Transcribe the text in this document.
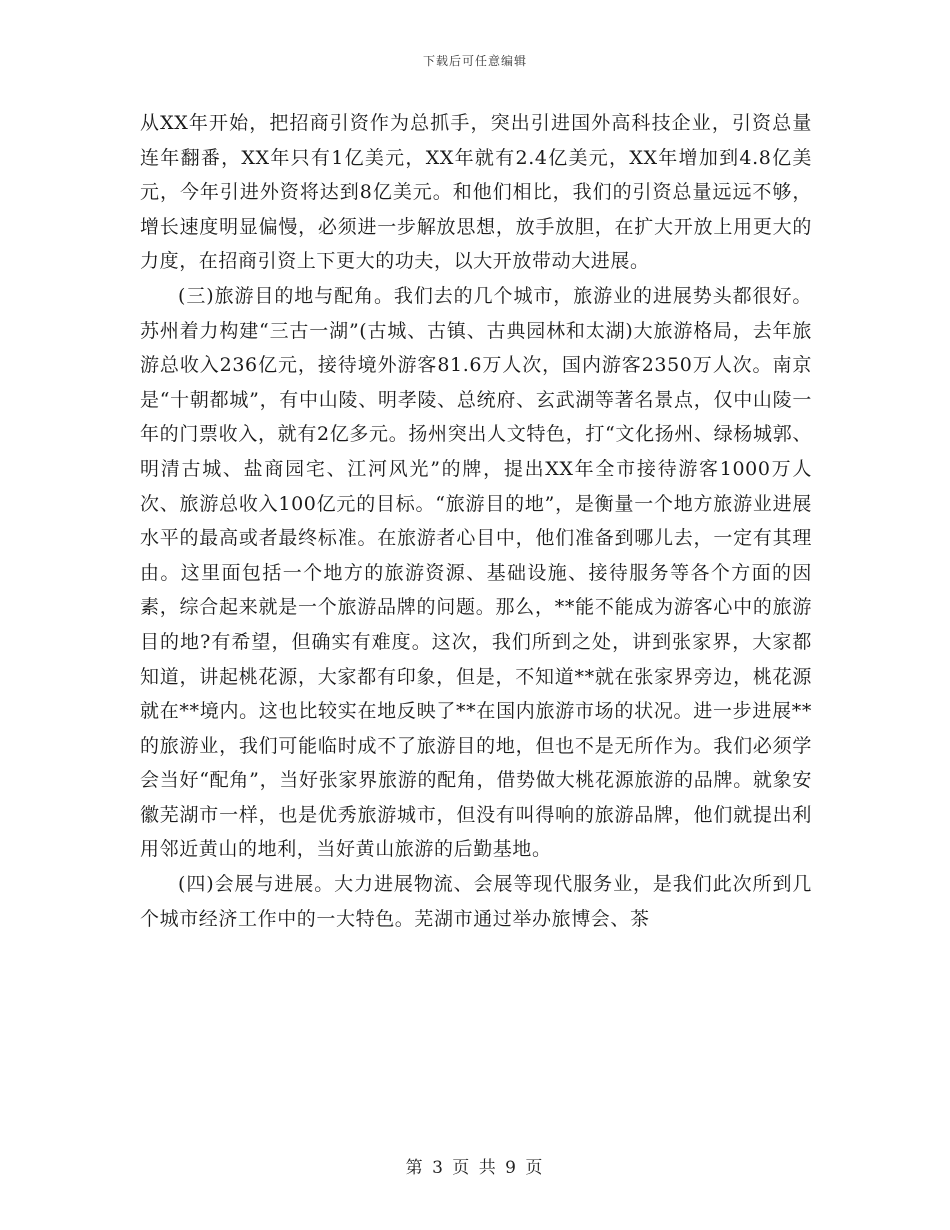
下载后可任意编辑

从XX年开始，把招商引资作为总抓手，突出引进国外高科技企业，引资总量连年翻番，XX年只有1亿美元，XX年就有2.4亿美元，XX年增加到4.8亿美元，今年引进外资将达到8亿美元。和他们相比，我们的引资总量远远不够，增长速度明显偏慢，必须进一步解放思想，放手放胆，在扩大开放上用更大的力度，在招商引资上下更大的功夫，以大开放带动大进展。

(三)旅游目的地与配角。我们去的几个城市，旅游业的进展势头都很好。苏州着力构建“三古一湖”(古城、古镇、古典园林和太湖)大旅游格局，去年旅游总收入236亿元，接待境外游客81.6万人次，国内游客2350万人次。南京是“十朝都城”，有中山陵、明孝陵、总统府、玄武湖等著名景点，仅中山陵一年的门票收入，就有2亿多元。扬州突出人文特色，打“文化扬州、绿杨城郭、明清古城、盐商园宅、江河风光”的牌，提出XX年全市接待游客1000万人次、旅游总收入100亿元的目标。“旅游目的地”，是衡量一个地方旅游业进展水平的最高或者最终标准。在旅游者心目中，他们准备到哪儿去，一定有其理由。这里面包括一个地方的旅游资源、基础设施、接待服务等各个方面的因素，综合起来就是一个旅游品牌的问题。那么，**能不能成为游客心中的旅游目的地?有希望，但确实有难度。这次，我们所到之处，讲到张家界，大家都知道，讲起桃花源，大家都有印象，但是，不知道**就在张家界旁边，桃花源就在**境内。这也比较实在地反映了**在国内旅游市场的状况。进一步进展**的旅游业，我们可能临时成不了旅游目的地，但也不是无所作为。我们必须学会当好“配角”，当好张家界旅游的配角，借势做大桃花源旅游的品牌。就象安徽芜湖市一样，也是优秀旅游城市，但没有叫得响的旅游品牌，他们就提出利用邻近黄山的地利，当好黄山旅游的后勤基地。

(四)会展与进展。大力进展物流、会展等现代服务业，是我们此次所到几个城市经济工作中的一大特色。芜湖市通过举办旅博会、茶

第 3 页 共 9 页
